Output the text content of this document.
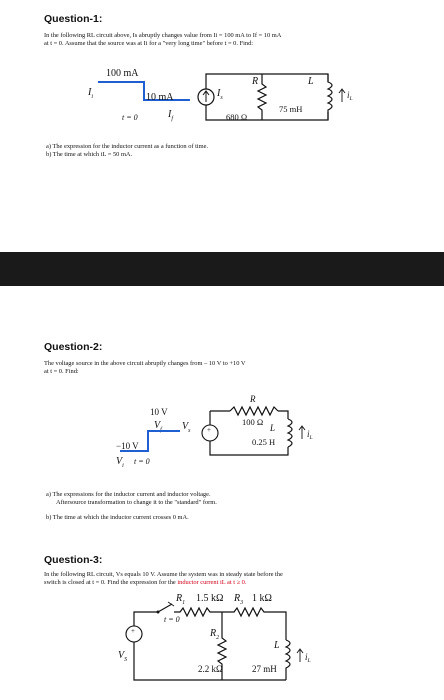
Question-1:
In the following RL circuit above, Is abruptly changes value from Ii = 100 mA to If = 10 mA
at t = 0. Assume that the source was at Ii for a "very long time" before t = 0. Find:
100 mA
$I_i$	10 mA
t = 0	$I_f$
$I_s$
R
680 Ω
L
75 mH
$i_L$
a) The expression for the inductor current as a function of time.
b) The time at which iL = 50 mA.
Question-2:
The voltage source in the above circuit abruptly changes from – 10 V to +10 V
at t = 0. Find:
10 V
$V_f$
−10 V
$V_i$ t = 0
$V_s$ +
R
100 Ω
L
0.25 H
$i_L$
a) The expressions for the inductor current and inductor voltage.
Aftersource transformation to change it to the "standard" form.
b) The time at which the inductor current crosses 0 mA.
Question-3:
In the following RL circuit, Vs equals 10 V. Assume the system was in steady state before the
switch is closed at t = 0. Find the expression for the inductor current iL at t ≥ 0.
$R_1$ 1.5 kΩ $R_3$ 1 kΩ
t = 0
$R_2$
2.2 kΩ
L
27 mH
$i_L$
+
$V_S$
